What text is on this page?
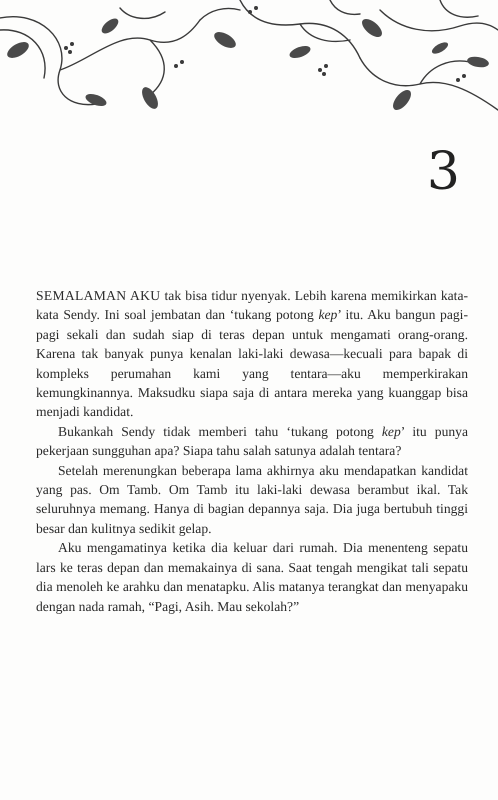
3

SEMALAMAN AKU tak bisa tidur nyenyak. Lebih karena memikirkan kata-kata Sendy. Ini soal jembatan dan ‘tukang potong kep’ itu. Aku bangun pagi-pagi sekali dan sudah siap di teras depan untuk mengamati orang-orang. Karena tak banyak punya kenalan laki-laki dewasa—kecuali para bapak di kompleks perumahan kami yang tentara—aku memperkirakan kemungkinannya. Maksudku siapa saja di antara mereka yang kuanggap bisa menjadi kandidat.

Bukankah Sendy tidak memberi tahu ‘tukang potong kep’ itu punya pekerjaan sungguhan apa? Siapa tahu salah satunya adalah tentara?

Setelah merenungkan beberapa lama akhirnya aku mendapatkan kandidat yang pas. Om Tamb. Om Tamb itu laki-laki dewasa berambut ikal. Tak seluruhnya memang. Hanya di bagian depannya saja. Dia juga bertubuh tinggi besar dan kulitnya sedikit gelap.

Aku mengamatinya ketika dia keluar dari rumah. Dia menenteng sepatu lars ke teras depan dan memakainya di sana. Saat tengah mengikat tali sepatu dia menoleh ke arahku dan menatapku. Alis matanya terangkat dan menyapaku dengan nada ramah, “Pagi, Asih. Mau sekolah?”
